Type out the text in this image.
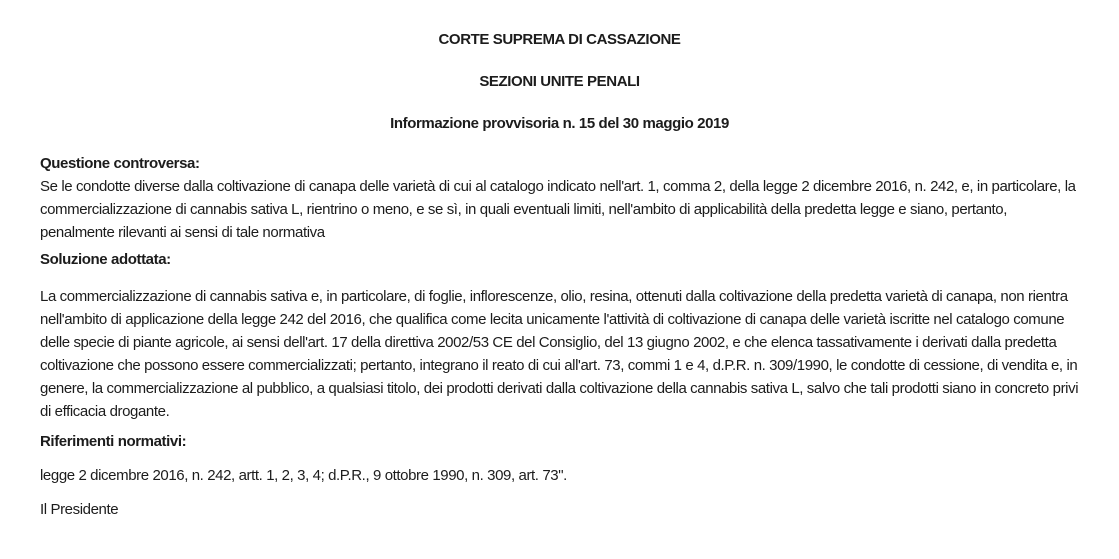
CORTE SUPREMA DI CASSAZIONE
SEZIONI UNITE PENALI
Informazione provvisoria n. 15 del 30 maggio 2019

Questione controversa:

Se le condotte diverse dalla coltivazione di canapa delle varietà di cui al catalogo indicato nell'art. 1, comma 2, della legge 2 dicembre 2016, n. 242, e, in particolare, la commercializzazione di cannabis sativa L, rientrino o meno, e se sì, in quali eventuali limiti, nell'ambito di applicabilità della predetta legge e siano, pertanto, penalmente rilevanti ai sensi di tale normativa

Soluzione adottata:

La commercializzazione di cannabis sativa e, in particolare, di foglie, inflorescenze, olio, resina, ottenuti dalla coltivazione della predetta varietà di canapa, non rientra nell'ambito di applicazione della legge 242 del 2016, che qualifica come lecita unicamente l'attività di coltivazione di canapa delle varietà iscritte nel catalogo comune delle specie di piante agricole, ai sensi dell'art. 17 della direttiva 2002/53 CE del Consiglio, del 13 giugno 2002, e che elenca tassativamente i derivati dalla predetta coltivazione che possono essere commercializzati; pertanto, integrano il reato di cui all'art. 73, commi 1 e 4, d.P.R. n. 309/1990, le condotte di cessione, di vendita e, in genere, la commercializzazione al pubblico, a qualsiasi titolo, dei prodotti derivati dalla coltivazione della cannabis sativa L, salvo che tali prodotti siano in concreto privi di efficacia drogante.

Riferimenti normativi:

legge 2 dicembre 2016, n. 242, artt. 1, 2, 3, 4; d.P.R., 9 ottobre 1990, n. 309, art. 73".

Il Presidente
